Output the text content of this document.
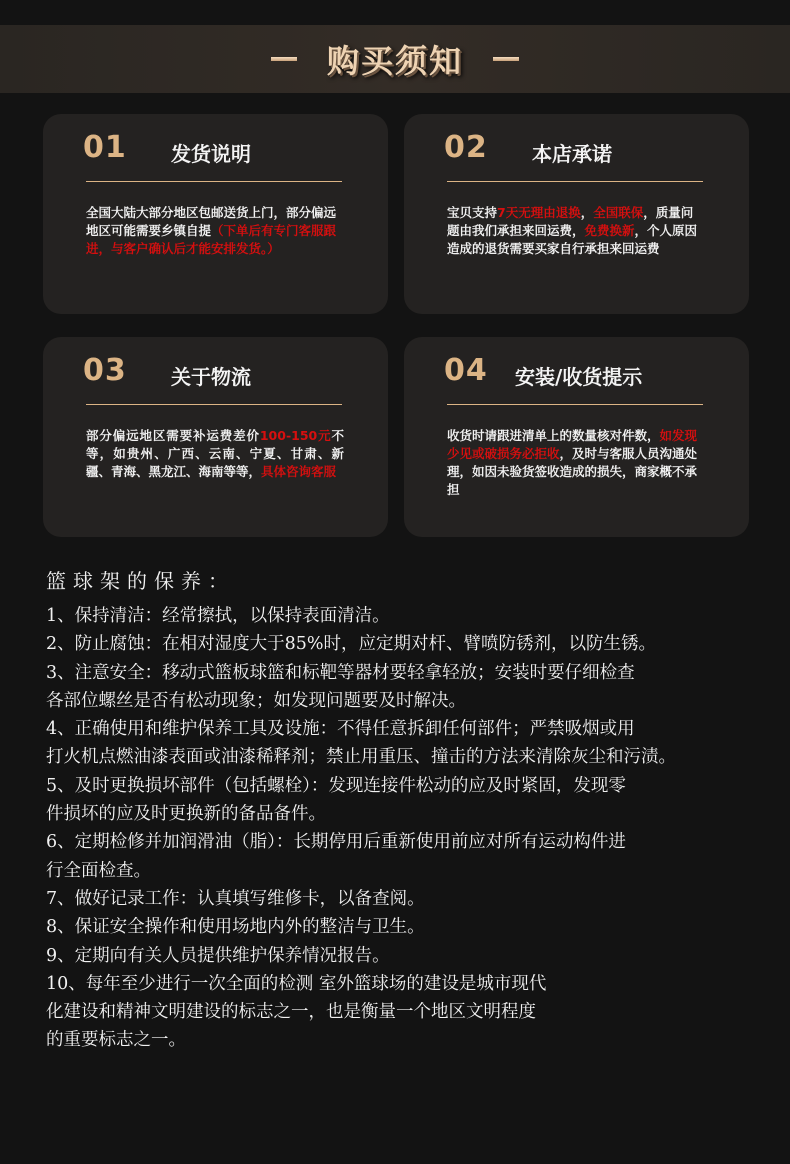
购买须知
01 发货说明
全国大陆大部分地区包邮送货上门，部分偏远地区可能需要乡镇自提（下单后有专门客服跟进，与客户确认后才能安排发货。）
02 本店承诺
宝贝支持7天无理由退换，全国联保，质量问题由我们承担来回运费，免费换新，个人原因造成的退货需要买家自行承担来回运费
03 关于物流
部分偏远地区需要补运费差价100-150元不等，如贵州、广西、云南、宁夏、甘肃、新疆、青海、黑龙江、海南等等，具体咨询客服
04 安装/收货提示
收货时请跟进清单上的数量核对件数，如发现少见或破损务必拒收，及时与客服人员沟通处理，如因未验货签收造成的损失，商家概不承担
篮球架的保养：
1、保持清洁：经常擦拭，以保持表面清洁。
2、防止腐蚀：在相对湿度大于85%时，应定期对杆、臂喷防锈剂，以防生锈。
3、注意安全：移动式篮板球篮和标靶等器材要轻拿轻放；安装时要仔细检查
各部位螺丝是否有松动现象；如发现问题要及时解决。
4、正确使用和维护保养工具及设施：不得任意拆卸任何部件；严禁吸烟或用
打火机点燃油漆表面或油漆稀释剂；禁止用重压、撞击的方法来清除灰尘和污渍。
5、及时更换损坏部件（包括螺栓）：发现连接件松动的应及时紧固，发现零
件损坏的应及时更换新的备品备件。
6、定期检修并加润滑油（脂）：长期停用后重新使用前应对所有运动构件进
行全面检查。
7、做好记录工作：认真填写维修卡，以备查阅。
8、保证安全操作和使用场地内外的整洁与卫生。
9、定期向有关人员提供维护保养情况报告。
10、每年至少进行一次全面的检测 室外篮球场的建设是城市现代
化建设和精神文明建设的标志之一，也是衡量一个地区文明程度
的重要标志之一。
